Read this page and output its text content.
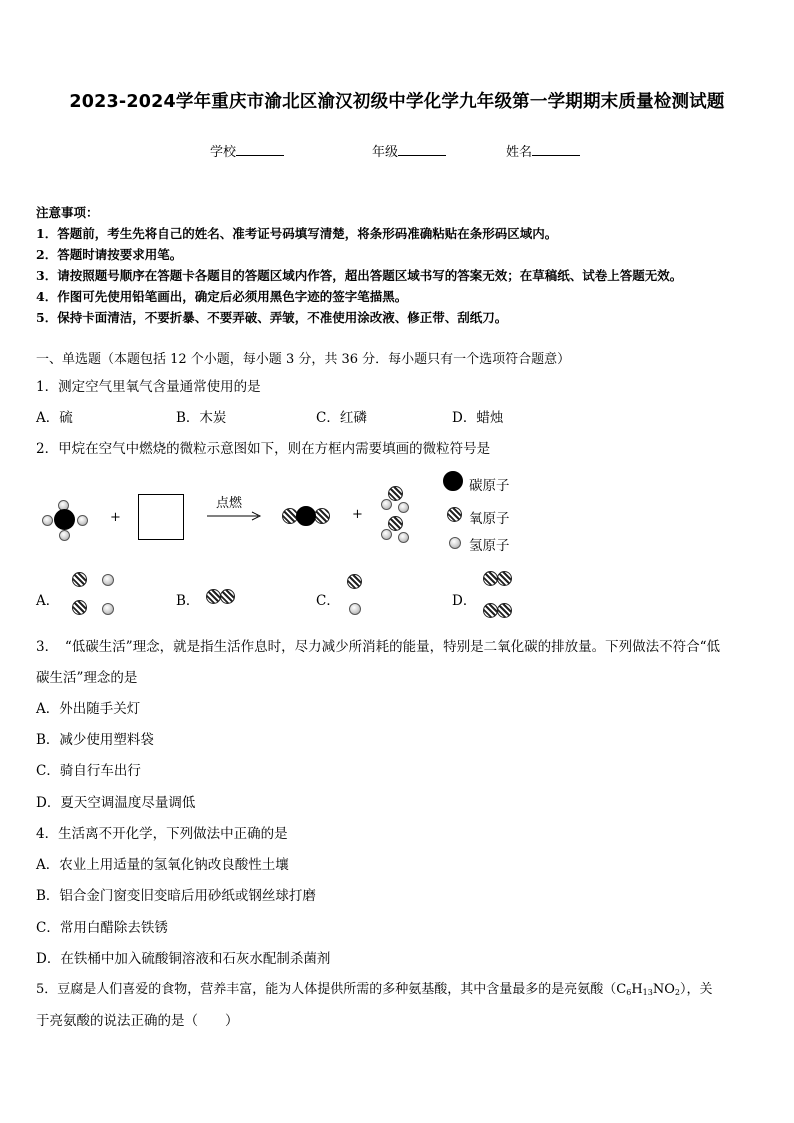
2023-2024学年重庆市渝北区渝汉初级中学化学九年级第一学期期末质量检测试题
学校	年级	姓名
注意事项：
1．答题前，考生先将自己的姓名、准考证号码填写清楚，将条形码准确粘贴在条形码区域内。
2．答题时请按要求用笔。
3．请按照题号顺序在答题卡各题目的答题区域内作答，超出答题区域书写的答案无效；在草稿纸、试卷上答题无效。
4．作图可先使用铅笔画出，确定后必须用黑色字迹的签字笔描黑。
5．保持卡面清洁，不要折暴、不要弄破、弄皱，不准使用涂改液、修正带、刮纸刀。
一、单选题（本题包括 12 个小题，每小题 3 分，共 36 分．每小题只有一个选项符合题意）
1．测定空气里氧气含量通常使用的是
A．硫	B．木炭	C．红磷	D．蜡烛
2．甲烷在空气中燃烧的微粒示意图如下，则在方框内需要填画的微粒符号是
+
点燃
+
碳原子
氧原子
氢原子
A．	B．	C．	D．
3．　“低碳生活”理念，就是指生活作息时，尽力减少所消耗的能量，特别是二氧化碳的排放量。下列做法不符合“低
碳生活”理念的是
A．外出随手关灯
B．减少使用塑料袋
C．骑自行车出行
D．夏天空调温度尽量调低
4．生活离不开化学，下列做法中正确的是
A．农业上用适量的氢氧化钠改良酸性土壤
B．铝合金门窗变旧变暗后用砂纸或钢丝球打磨
C．常用白醋除去铁锈
D．在铁桶中加入硫酸铜溶液和石灰水配制杀菌剂
5．豆腐是人们喜爱的食物，营养丰富，能为人体提供所需的多种氨基酸，其中含量最多的是亮氨酸$(C_6H_{13}NO_2)$，关
于亮氨酸的说法正确的是（　　）
